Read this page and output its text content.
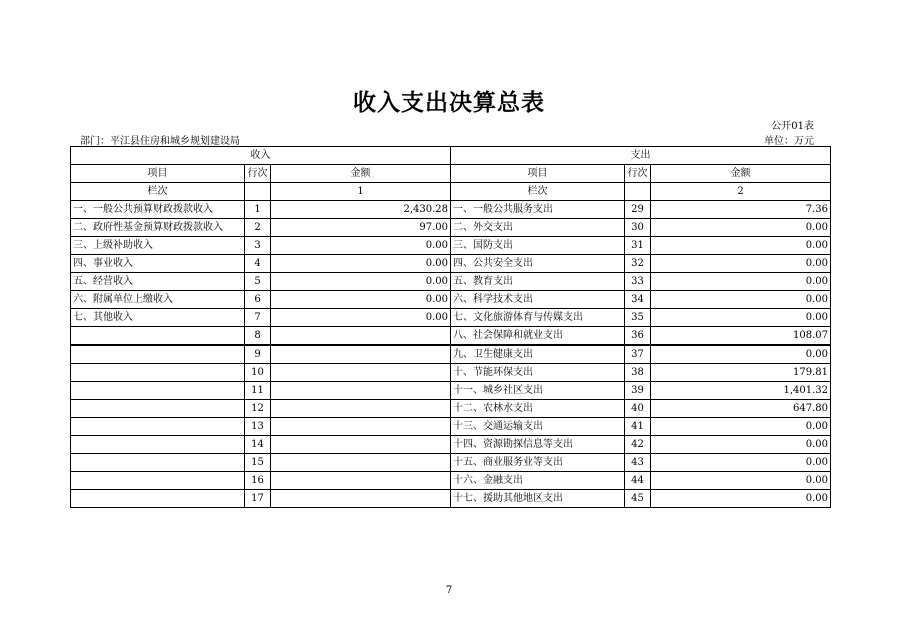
收入支出决算总表
公开01表
部门：平江县住房和城乡规划建设局	单位：万元
收入			支出		
项目	行次	金额	项目	行次	金额
栏次		1	栏次		2
一、一般公共预算财政拨款收入	1	2,430.28	一、一般公共服务支出	29	7.36
二、政府性基金预算财政拨款收入	2	97.00	二、外交支出	30	0.00
三、上级补助收入	3	0.00	三、国防支出	31	0.00
四、事业收入	4	0.00	四、公共安全支出	32	0.00
五、经营收入	5	0.00	五、教育支出	33	0.00
六、附属单位上缴收入	6	0.00	六、科学技术支出	34	0.00
七、其他收入	7	0.00	七、文化旅游体育与传媒支出	35	0.00
	8		八、社会保障和就业支出	36	108.07
	9		九、卫生健康支出	37	0.00
	10		十、节能环保支出	38	179.81
	11		十一、城乡社区支出	39	1,401.32
	12		十二、农林水支出	40	647.80
	13		十三、交通运输支出	41	0.00
	14		十四、资源勘探信息等支出	42	0.00
	15		十五、商业服务业等支出	43	0.00
	16		十六、金融支出	44	0.00
	17		十七、援助其他地区支出	45	0.00
7
